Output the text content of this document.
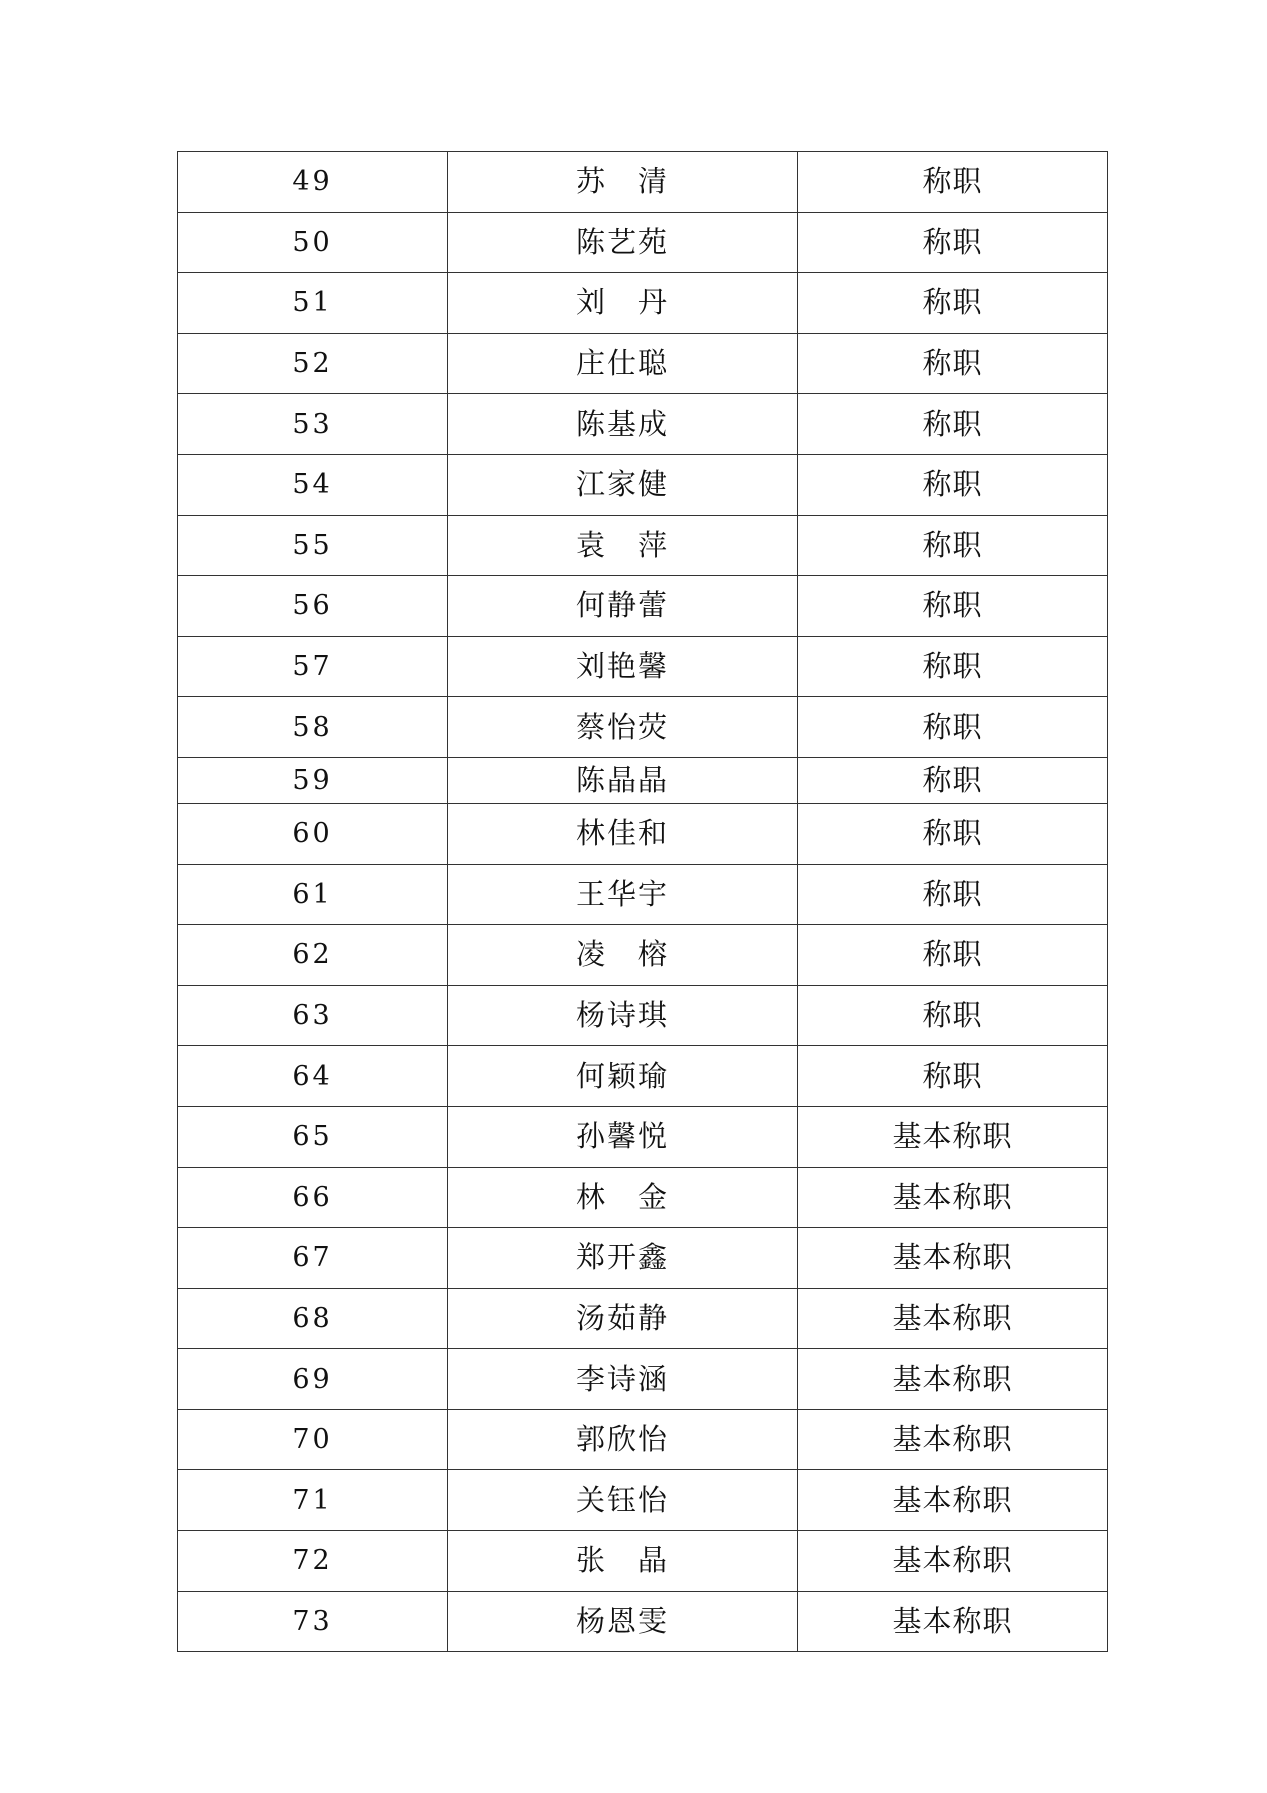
49	苏　清	称职
50	陈艺苑	称职
51	刘　丹	称职
52	庄仕聪	称职
53	陈基成	称职
54	江家健	称职
55	袁　萍	称职
56	何静蕾	称职
57	刘艳馨	称职
58	蔡怡荧	称职
59	陈晶晶	称职
60	林佳和	称职
61	王华宇	称职
62	凌　榕	称职
63	杨诗琪	称职
64	何颖瑜	称职
65	孙馨悦	基本称职
66	林　金	基本称职
67	郑开鑫	基本称职
68	汤茹静	基本称职
69	李诗涵	基本称职
70	郭欣怡	基本称职
71	关钰怡	基本称职
72	张　晶	基本称职
73	杨恩雯	基本称职
